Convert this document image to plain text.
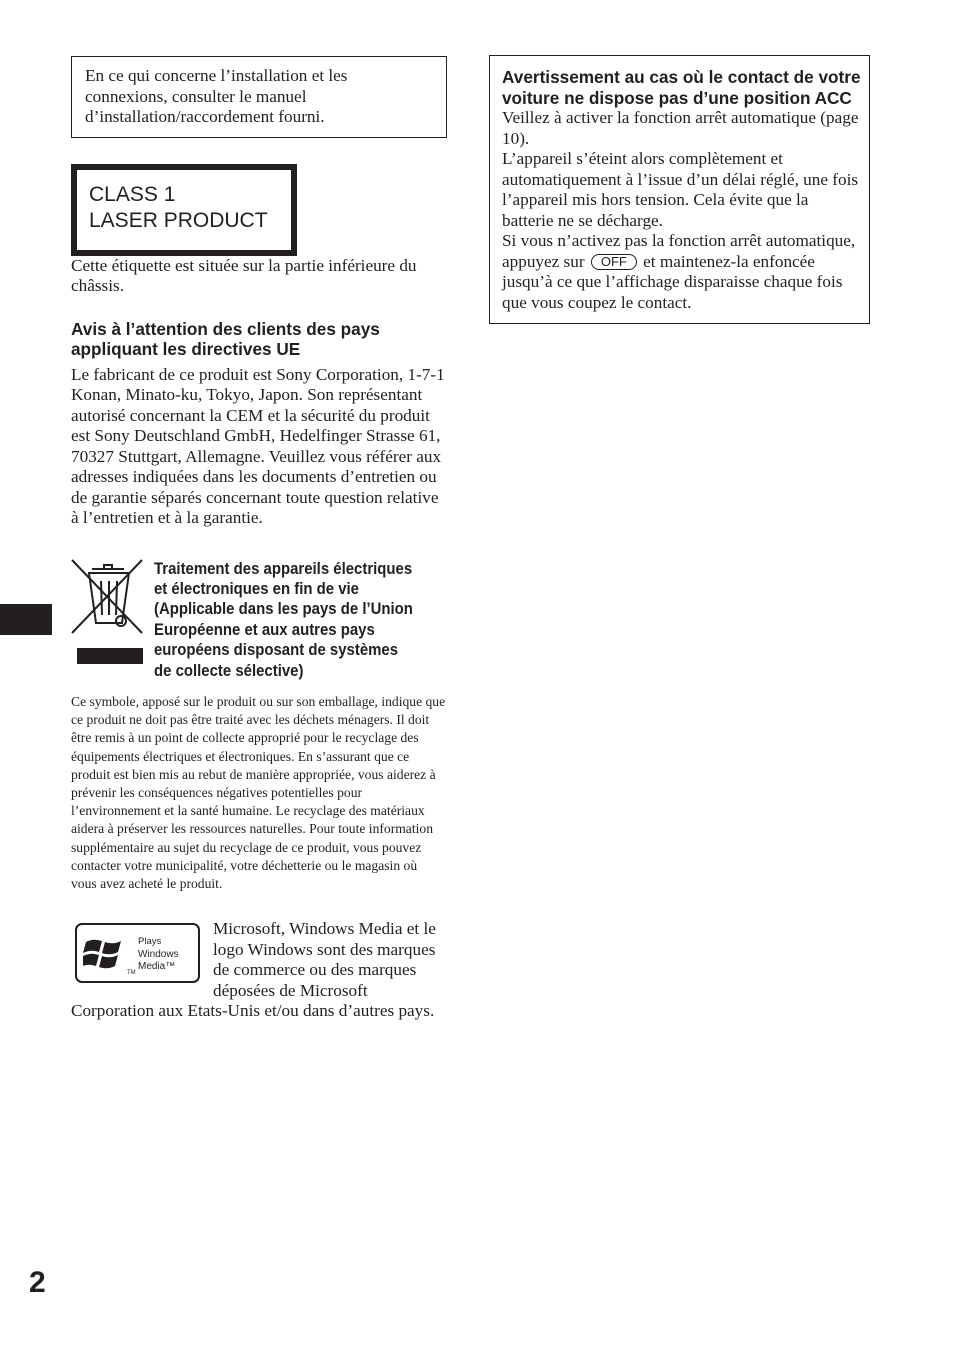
En ce qui concerne l’installation et les connexions, consulter le manuel d’installation/raccordement fourni.
CLASS 1
LASER PRODUCT

Cette étiquette est située sur la partie inférieure du châssis.

Avis à l’attention des clients des pays appliquant les directives UE

Le fabricant de ce produit est Sony Corporation, 1-7-1 Konan, Minato-ku, Tokyo, Japon. Son représentant autorisé concernant la CEM et la sécurité du produit est Sony Deutschland GmbH, Hedelfinger Strasse 61, 70327 Stuttgart, Allemagne. Veuillez vous référer aux adresses indiquées dans les documents d’entretien ou de garantie séparés concernant toute question relative à l’entretien et à la garantie.

Traitement des appareils électriques et électroniques en fin de vie (Applicable dans les pays de l’Union Européenne et aux autres pays européens disposant de systèmes de collecte sélective)

Ce symbole, apposé sur le produit ou sur son emballage, indique que ce produit ne doit pas être traité avec les déchets ménagers. Il doit être remis à un point de collecte approprié pour le recyclage des équipements électriques et électroniques. En s’assurant que ce produit est bien mis au rebut de manière appropriée, vous aiderez à prévenir les conséquences négatives potentielles pour l’environnement et la santé humaine. Le recyclage des matériaux aidera à préserver les ressources naturelles. Pour toute information supplémentaire au sujet du recyclage de ce produit, vous pouvez contacter votre municipalité, votre déchetterie ou le magasin où vous avez acheté le produit.

Plays
Windows
Media™
TM
Microsoft, Windows Media et le logo Windows sont des marques de commerce ou des marques déposées de Microsoft Corporation aux Etats-Unis et/ou dans d’autres pays.
Avertissement au cas où le contact de votre voiture ne dispose pas d’une position ACC
Veillez à activer la fonction arrêt automatique (page 10).
L’appareil s’éteint alors complètement et automatiquement à l’issue d’un délai réglé, une fois l’appareil mis hors tension. Cela évite que la batterie ne se décharge.
Si vous n’activez pas la fonction arrêt automatique, appuyez sur OFF et maintenez-la enfoncée jusqu’à ce que l’affichage disparaisse chaque fois que vous coupez le contact.
2
